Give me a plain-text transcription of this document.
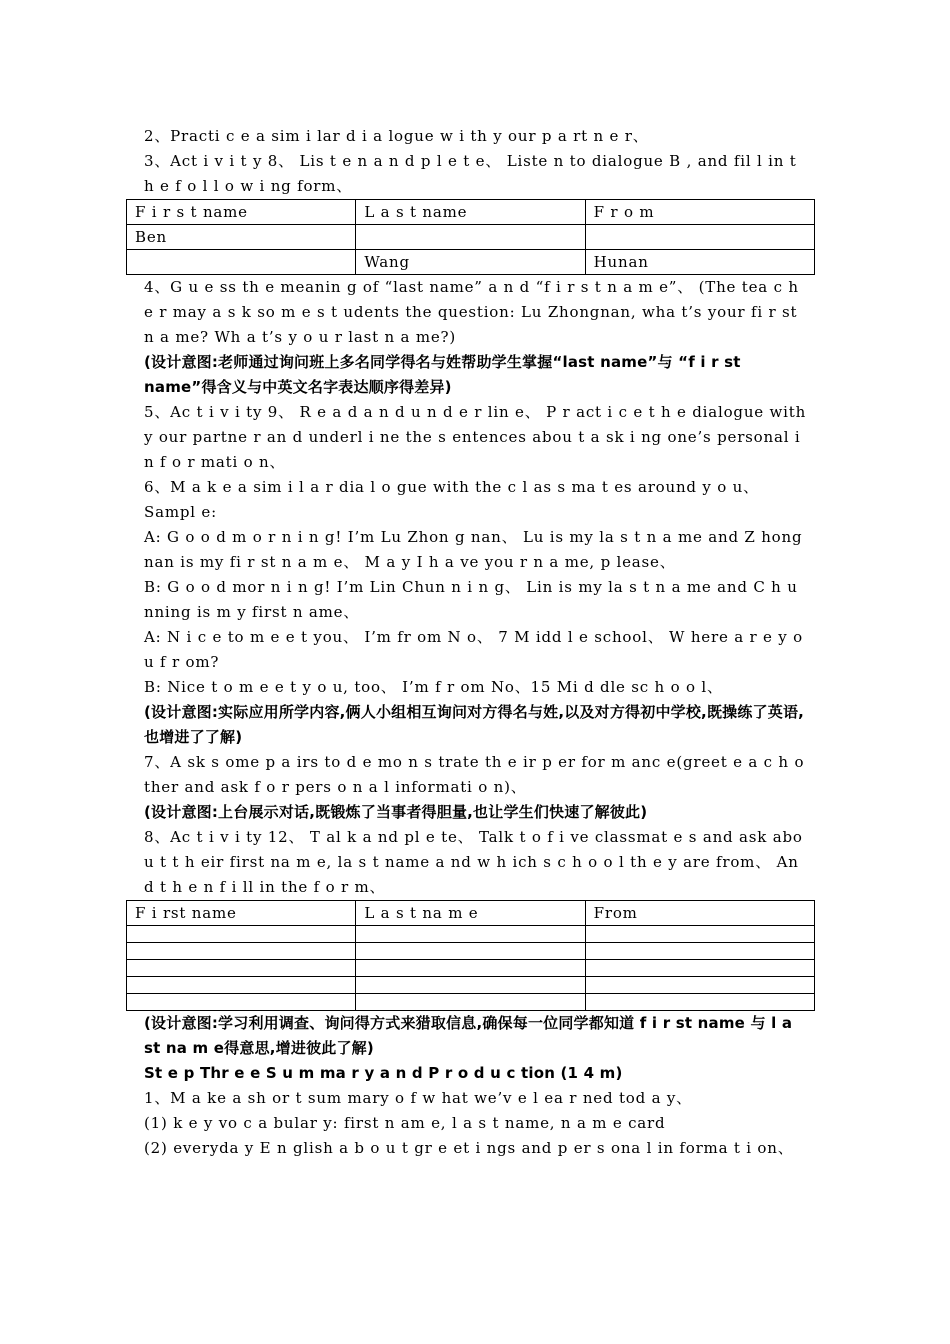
2、Practi c e a sim i lar d i a logue w i th y our p a rt n e r、
3、Act i v i t y 8、 Lis t e n a n d p l e t e、 Liste n to dialogue B , and fil l in t h e f o l l o w i ng form、
F i r s t name	L a s t name	F r o m
Ben		
	Wang	Hunan
4、G u e ss th e meanin g of “last name” a n d “f i r s t n a m e”、 (The tea c h e r may a s k so m e s t udents the question: Lu Zhongnan, wha t’s your fi r st n a me? Wh a t’s y o u r last n a me?)
(设计意图:老师通过询问班上多名同学得名与姓帮助学生掌握“last name”与 “f i r st name”得含义与中英文名字表达顺序得差异)
5、Ac t i v i ty 9、 R e a d a n d u n d e r lin e、 P r act i c e t h e dialogue with y our partne r an d underl i ne the s entences abou t a sk i ng one’s personal in f o r mati o n、
6、M a k e a sim i l a r dia l o gue with the c l as s ma t es around y o u、
Sampl e:
A: G o o d m o r n i n g! I’m Lu Zhon g nan、 Lu is my la s t n a me and Z hongnan is my fi r st n a m e、 M a y I h a ve you r n a me, p lease、
B: G o o d mor n i n g! I’m Lin Chun n i n g、 Lin is my la s t n a me and C h u nning is m y first n ame、
A: N i c e to m e e t you、 I’m fr om N o、 7 M idd l e school、 W here a r e y ou f r om?
B: Nice t o m e e t y o u, too、 I’m f r om No、15 Mi d dle sc h o o l、
(设计意图:实际应用所学内容,俩人小组相互询问对方得名与姓,以及对方得初中学校,既操练了英语,也增进了了解)
7、A sk s ome p a irs to d e mo n s trate th e ir p er for m anc e(greet e a c h other and ask f o r pers o n a l informati o n)、
(设计意图:上台展示对话,既锻炼了当事者得胆量,也让学生们快速了解彼此)
8、Ac t i v i ty 12、 T al k a nd pl e te、 Talk t o f i ve classmat e s and ask abou t t h eir first na m e, la s t name a nd w h ich s c h o o l th e y are from、 And t h e n f i ll in the f o r m、
F i rst name	L a s t na m e	From

(设计意图:学习利用调查、询问得方式来猎取信息,确保每一位同学都知道 f i r st name 与 l a st na m e得意思,增进彼此了解)
St e p Thr e e S u m ma r y a n d P r o d u c tion (1 4 m)
1、M a ke a sh or t sum mary o f w hat we’v e l ea r ned tod a y、
(1) k e y vo c a bular y: first n am e, l a s t name, n a m e card
(2) everyda y E n glish a b o u t gr e et i ngs and p er s ona l in forma t i on、
